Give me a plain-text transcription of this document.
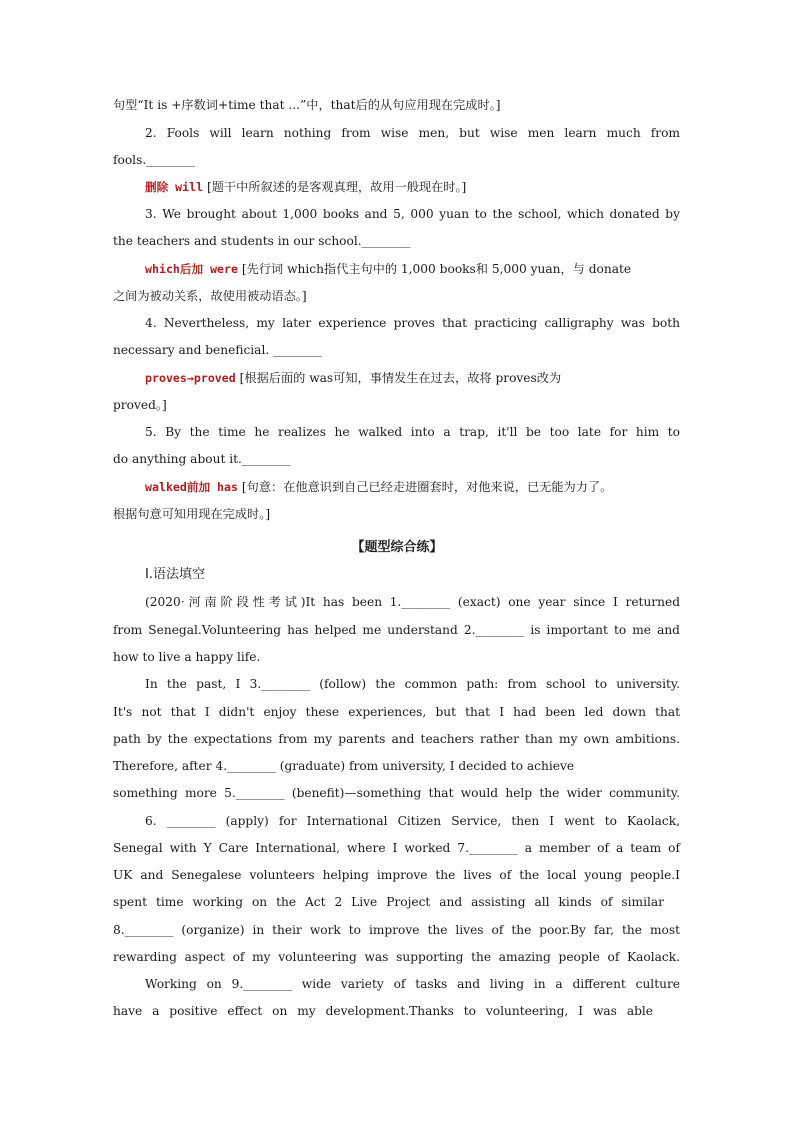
句型“It is +序数词+time that ...”中，that后的从句应用现在完成时。]
2. Fools will learn nothing from wise men, but wise men learn much from
fools.________
删除 will [题干中所叙述的是客观真理，故用一般现在时。]
3. We brought about 1,000 books and 5, 000 yuan to the school, which donated by
the teachers and students in our school.________
which后加 were [先行词 which指代主句中的 1,000 books和 5,000 yuan，与 donate
之间为被动关系，故使用被动语态。]
4. Nevertheless, my later experience proves that practicing calligraphy was both
necessary and beneficial. ________
proves→proved [根据后面的 was可知，事情发生在过去，故将 proves改为
proved。]
5. By the time he realizes he walked into a trap, it'll be too late for him to
do anything about it.________
walked前加 has [句意：在他意识到自己已经走进圈套时，对他来说，已无能为力了。
根据句意可知用现在完成时。]
【题型综合练】
Ⅰ.语法填空
(2020·河南阶段性考试)It has been 1.________ (exact) one year since I returned
from Senegal.Volunteering has helped me understand 2.________ is important to me and
how to live a happy life.
In the past, I 3.________ (follow) the common path: from school to university.
It's not that I didn't enjoy these experiences, but that I had been led down that
path by the expectations from my parents and teachers rather than my own ambitions.
Therefore, after 4.________ (graduate) from university, I decided to achieve
something more 5.________ (benefit)—something that would help the wider community.
6. ________ (apply) for International Citizen Service, then I went to Kaolack,
Senegal with Y Care International, where I worked 7.________ a member of a team of
UK and Senegalese volunteers helping improve the lives of the local young people.I
spent time working on the Act 2 Live Project and assisting all kinds of similar
8.________ (organize) in their work to improve the lives of the poor.By far, the most
rewarding aspect of my volunteering was supporting the amazing people of Kaolack.
Working on 9.________ wide variety of tasks and living in a different culture
have a positive effect on my development.Thanks to volunteering, I was able
